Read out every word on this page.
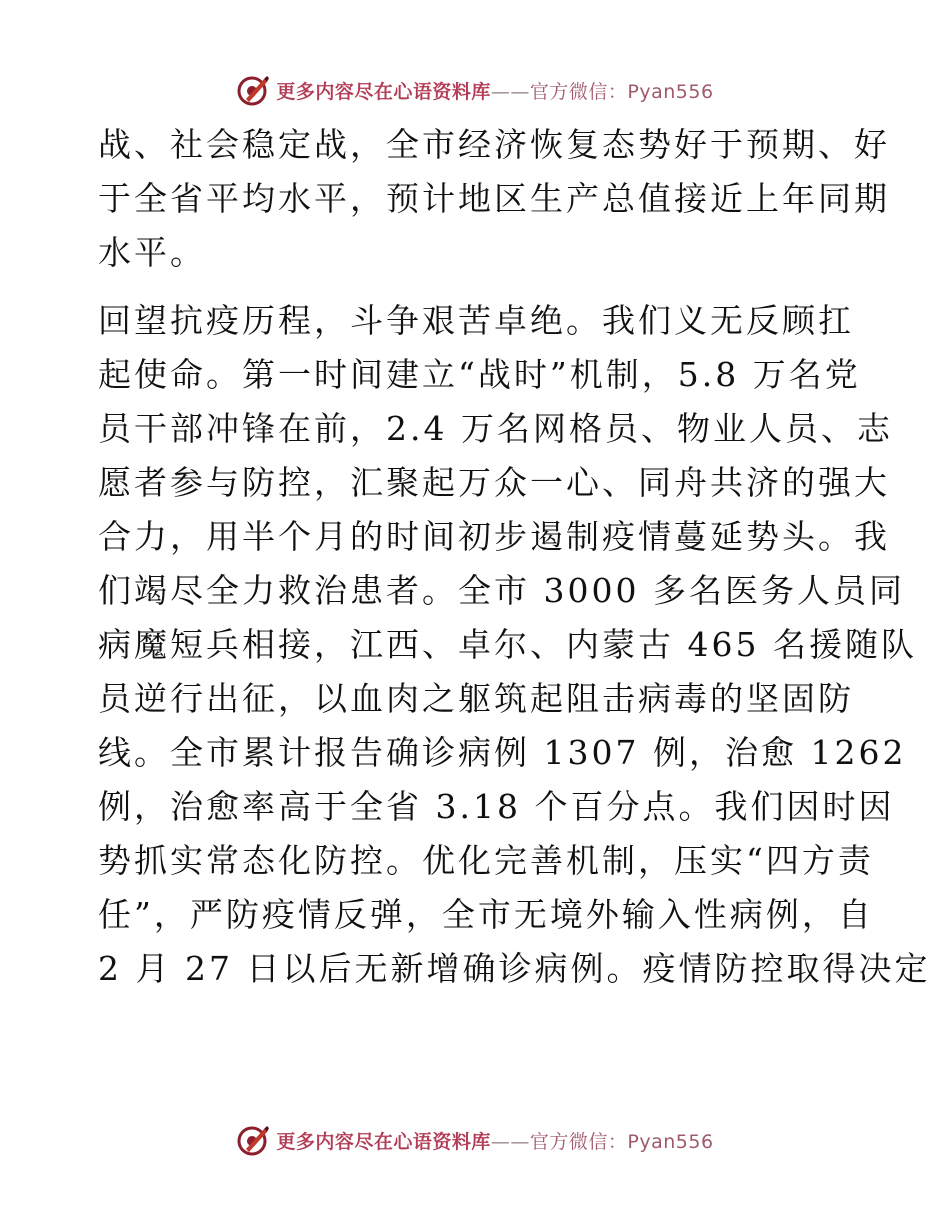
更多内容尽在心语资料库——官方微信：Pyan556
战、社会稳定战，全市经济恢复态势好于预期、好
于全省平均水平，预计地区生产总值接近上年同期
水平。
回望抗疫历程，斗争艰苦卓绝。我们义无反顾扛
起使命。第一时间建立“战时”机制，5.8 万名党
员干部冲锋在前，2.4 万名网格员、物业人员、志
愿者参与防控，汇聚起万众一心、同舟共济的强大
合力，用半个月的时间初步遏制疫情蔓延势头。我
们竭尽全力救治患者。全市 3000 多名医务人员同
病魔短兵相接，江西、卓尔、内蒙古 465 名援随队
员逆行出征，以血肉之躯筑起阻击病毒的坚固防
线。全市累计报告确诊病例 1307 例，治愈 1262
例，治愈率高于全省 3.18 个百分点。我们因时因
势抓实常态化防控。优化完善机制，压实“四方责
任”，严防疫情反弹，全市无境外输入性病例，自
2 月 27 日以后无新增确诊病例。疫情防控取得决定
更多内容尽在心语资料库——官方微信：Pyan556
